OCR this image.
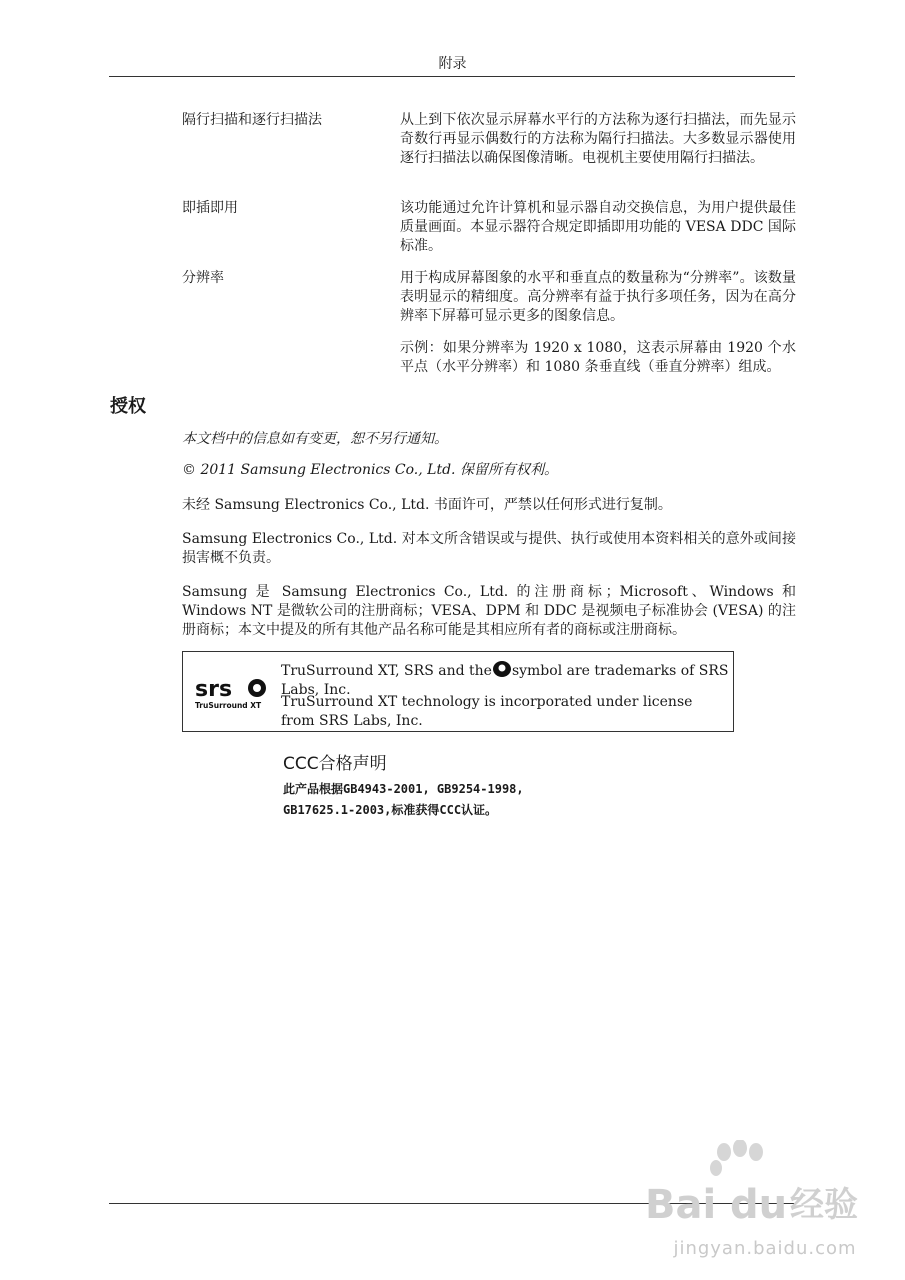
附录
隔行扫描和逐行扫描法	从上到下依次显示屏幕水平行的方法称为逐行扫描法，而先显示奇数行再显示偶数行的方法称为隔行扫描法。大多数显示器使用逐行扫描法以确保图像清晰。电视机主要使用隔行扫描法。
即插即用	该功能通过允许计算机和显示器自动交换信息，为用户提供最佳质量画面。本显示器符合规定即插即用功能的 VESA DDC 国际标准。
分辨率	用于构成屏幕图象的水平和垂直点的数量称为“分辨率”。该数量表明显示的精细度。高分辨率有益于执行多项任务，因为在高分辨率下屏幕可显示更多的图象信息。
示例：如果分辨率为 1920 x 1080，这表示屏幕由 1920 个水平点（水平分辨率）和 1080 条垂直线（垂直分辨率）组成。
授权
本文档中的信息如有变更，恕不另行通知。
© 2011 Samsung Electronics Co., Ltd. 保留所有权利。
未经 Samsung Electronics Co., Ltd. 书面许可，严禁以任何形式进行复制。
Samsung Electronics Co., Ltd. 对本文所含错误或与提供、执行或使用本资料相关的意外或间接损害概不负责。
Samsung 是 Samsung Electronics Co., Ltd. 的注册商标；Microsoft、Windows 和 Windows NT 是微软公司的注册商标；VESA、DPM 和 DDC 是视频电子标准协会 (VESA) 的注册商标；本文中提及的所有其他产品名称可能是其相应所有者的商标或注册商标。
srs
TruSurround XT
TruSurround XT, SRS and the symbol are trademarks of SRS Labs, Inc.
TruSurround XT technology is incorporated under license from SRS Labs, Inc.
CCC合格声明
此产品根据GB4943-2001, GB9254-1998,
GB17625.1-2003,标准获得CCC认证。
Bai du 经验
jingyan.baidu.com
